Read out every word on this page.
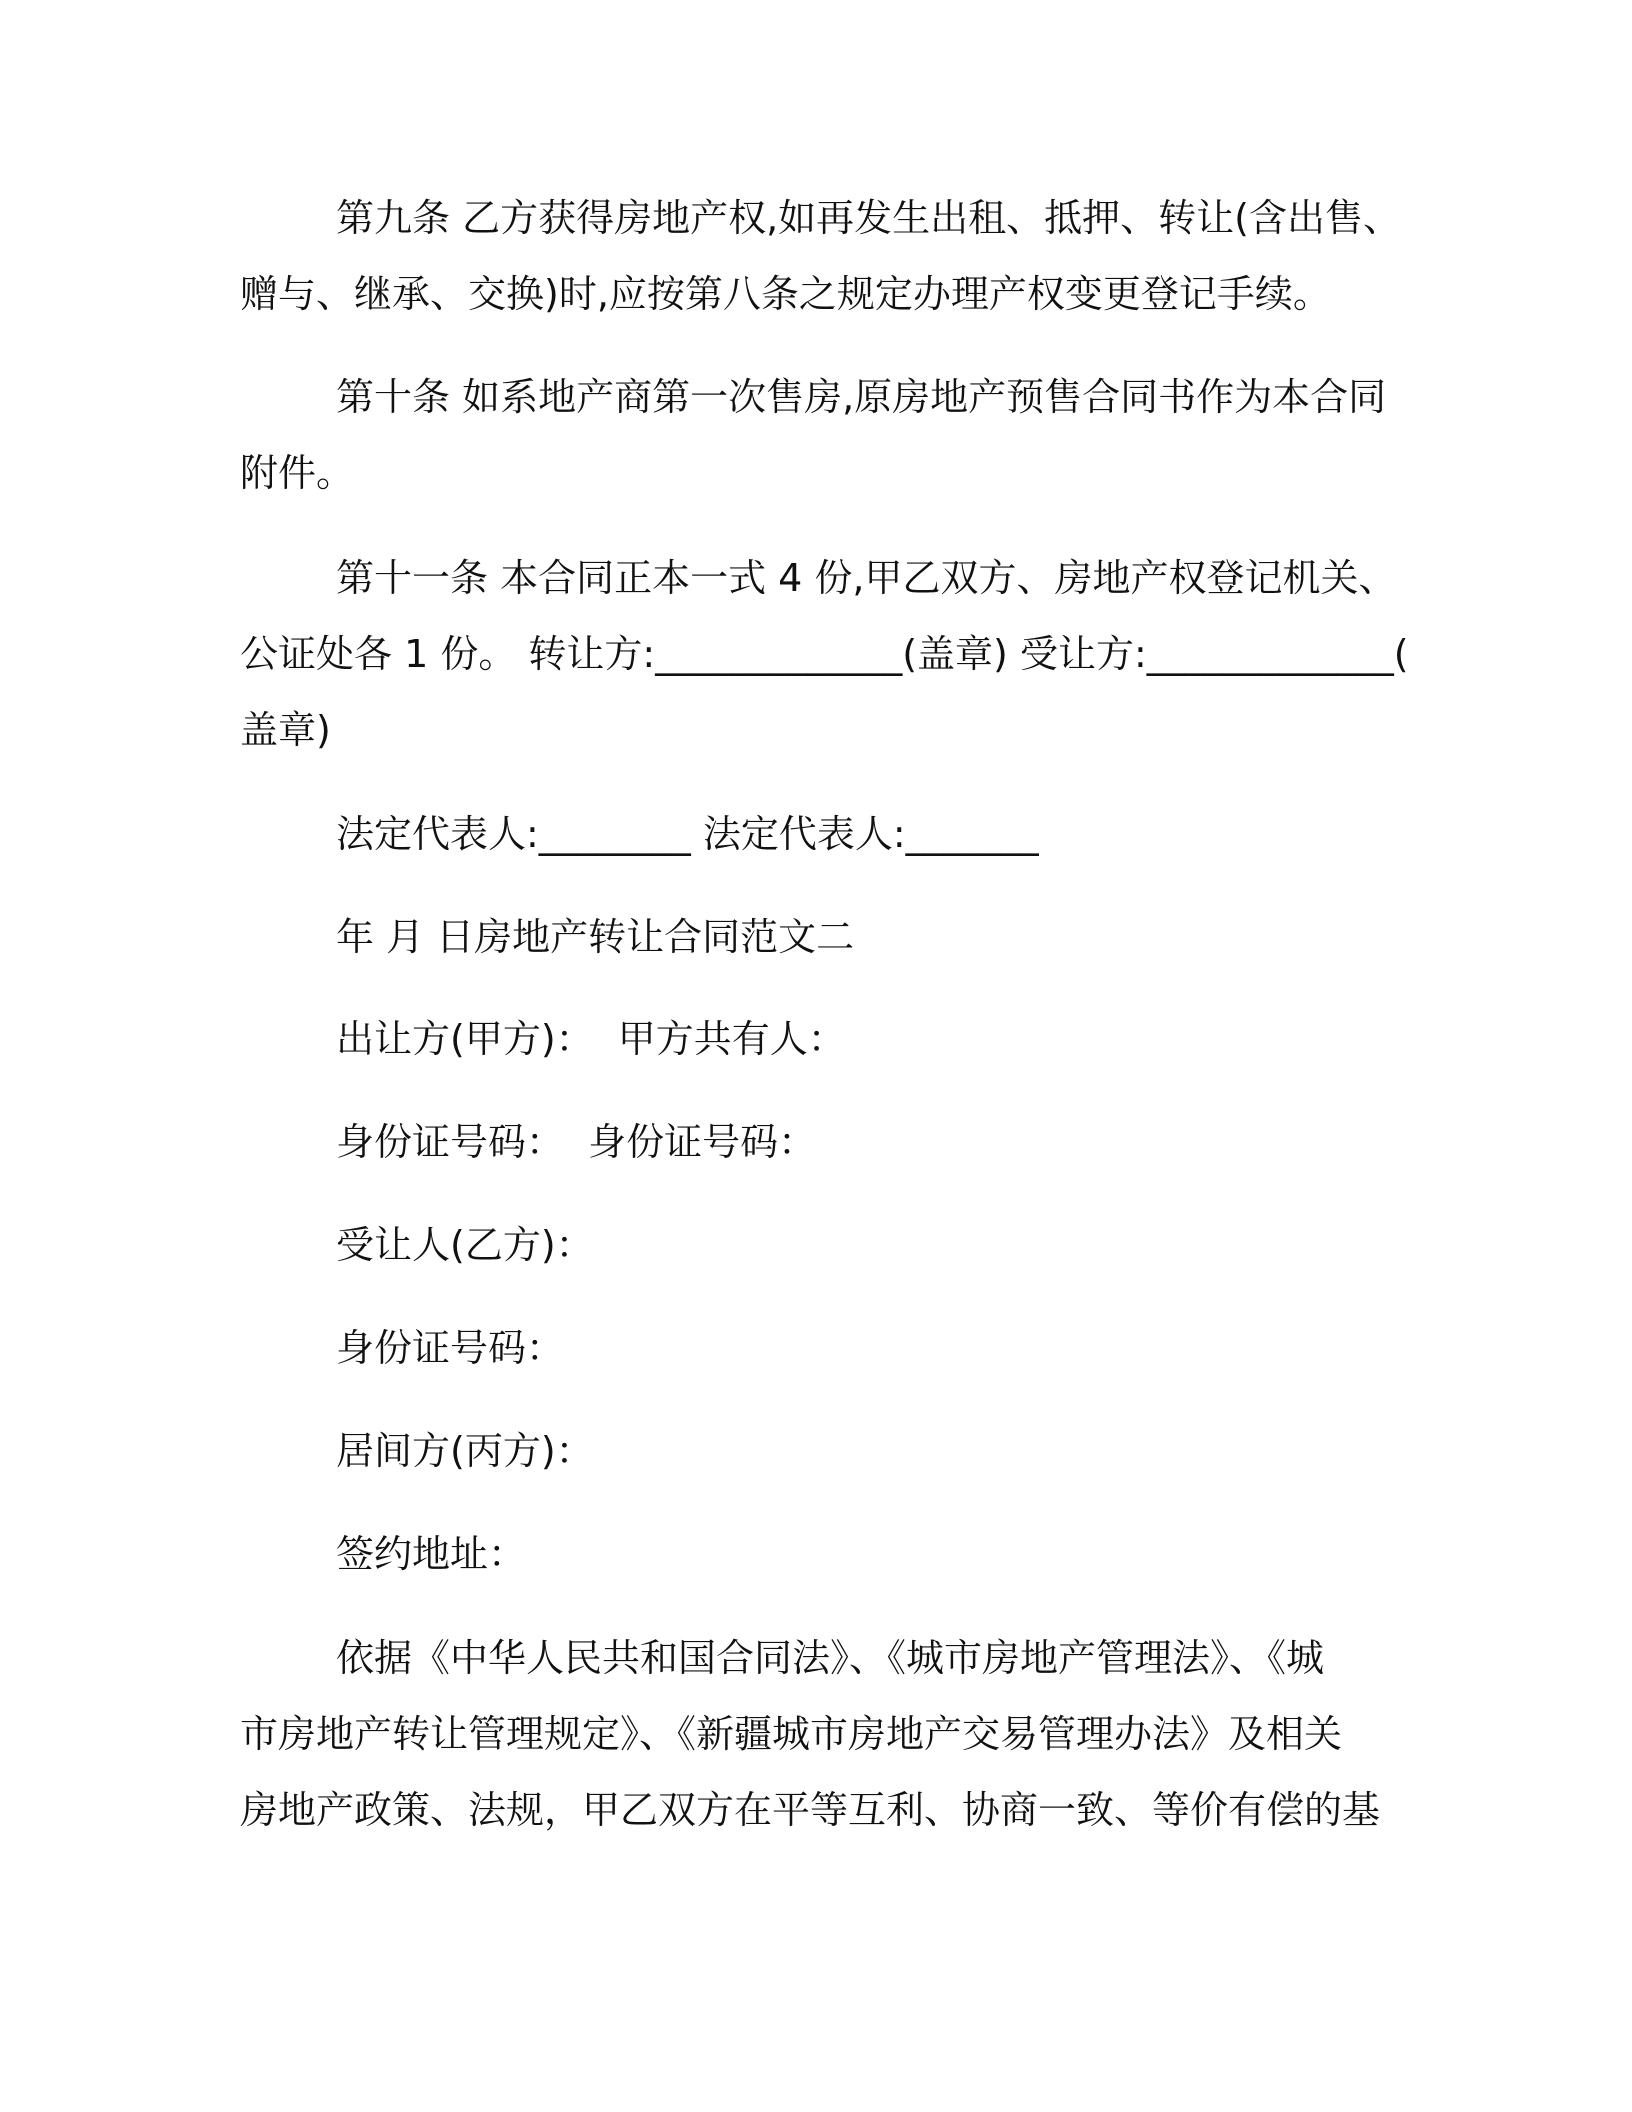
第九条 乙方获得房地产权,如再发生出租、抵押、转让(含出售、
赠与、继承、交换)时,应按第八条之规定办理产权变更登记手续。
第十条 如系地产商第一次售房,原房地产预售合同书作为本合同
附件。
第十一条 本合同正本一式 4 份,甲乙双方、房地产权登记机关、
公证处各 1 份。 转让方:_____________(盖章) 受让方:_____________(
盖章)
法定代表人:________ 法定代表人:_______
年 月 日房地产转让合同范文二
出让方(甲方)：  甲方共有人：
身份证号码：  身份证号码：
受让人(乙方)：
身份证号码：
居间方(丙方)：
签约地址：
依据《中华人民共和国合同法》、《城市房地产管理法》、《城
市房地产转让管理规定》、《新疆城市房地产交易管理办法》及相关
房地产政策、法规，甲乙双方在平等互利、协商一致、等价有偿的基
